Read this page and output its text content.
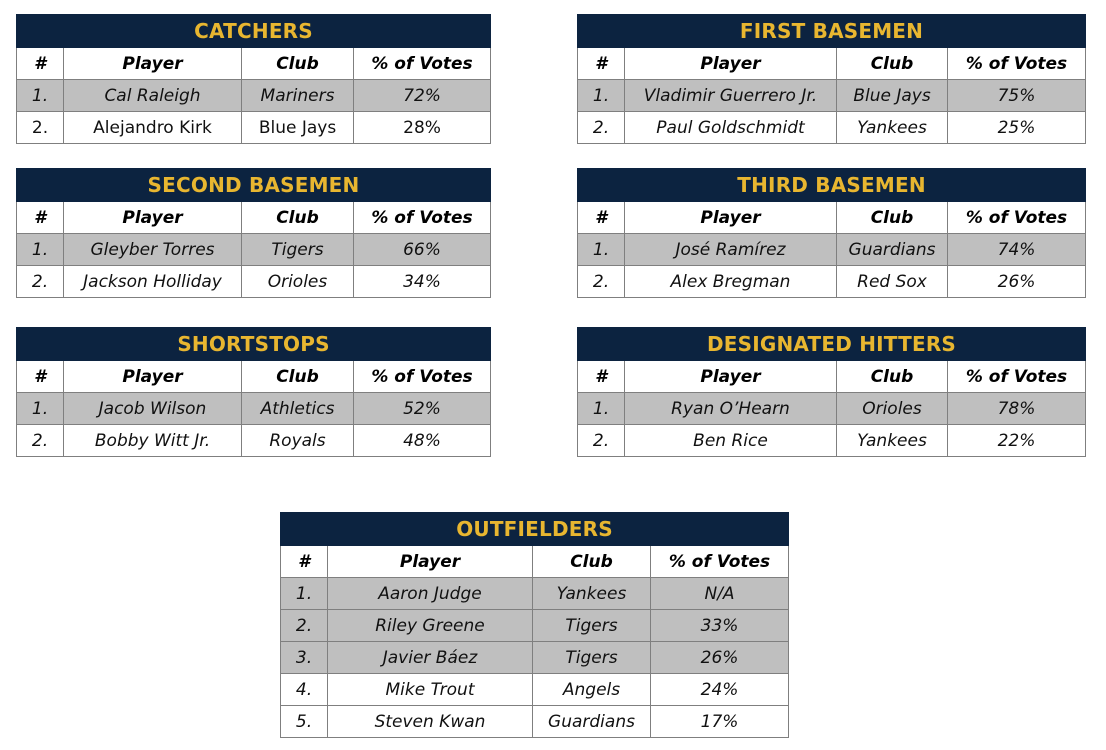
CATCHERS			
#	Player	Club	% of Votes
1.	Cal Raleigh	Mariners	72%
2.	Alejandro Kirk	Blue Jays	28%
FIRST BASEMEN			
#	Player	Club	% of Votes
1.	Vladimir Guerrero Jr.	Blue Jays	75%
2.	Paul Goldschmidt	Yankees	25%
SECOND BASEMEN			
#	Player	Club	% of Votes
1.	Gleyber Torres	Tigers	66%
2.	Jackson Holliday	Orioles	34%
THIRD BASEMEN			
#	Player	Club	% of Votes
1.	José Ramírez	Guardians	74%
2.	Alex Bregman	Red Sox	26%
SHORTSTOPS			
#	Player	Club	% of Votes
1.	Jacob Wilson	Athletics	52%
2.	Bobby Witt Jr.	Royals	48%
DESIGNATED HITTERS			
#	Player	Club	% of Votes
1.	Ryan O’Hearn	Orioles	78%
2.	Ben Rice	Yankees	22%
OUTFIELDERS			
#	Player	Club	% of Votes
1.	Aaron Judge	Yankees	N/A
2.	Riley Greene	Tigers	33%
3.	Javier Báez	Tigers	26%
4.	Mike Trout	Angels	24%
5.	Steven Kwan	Guardians	17%
